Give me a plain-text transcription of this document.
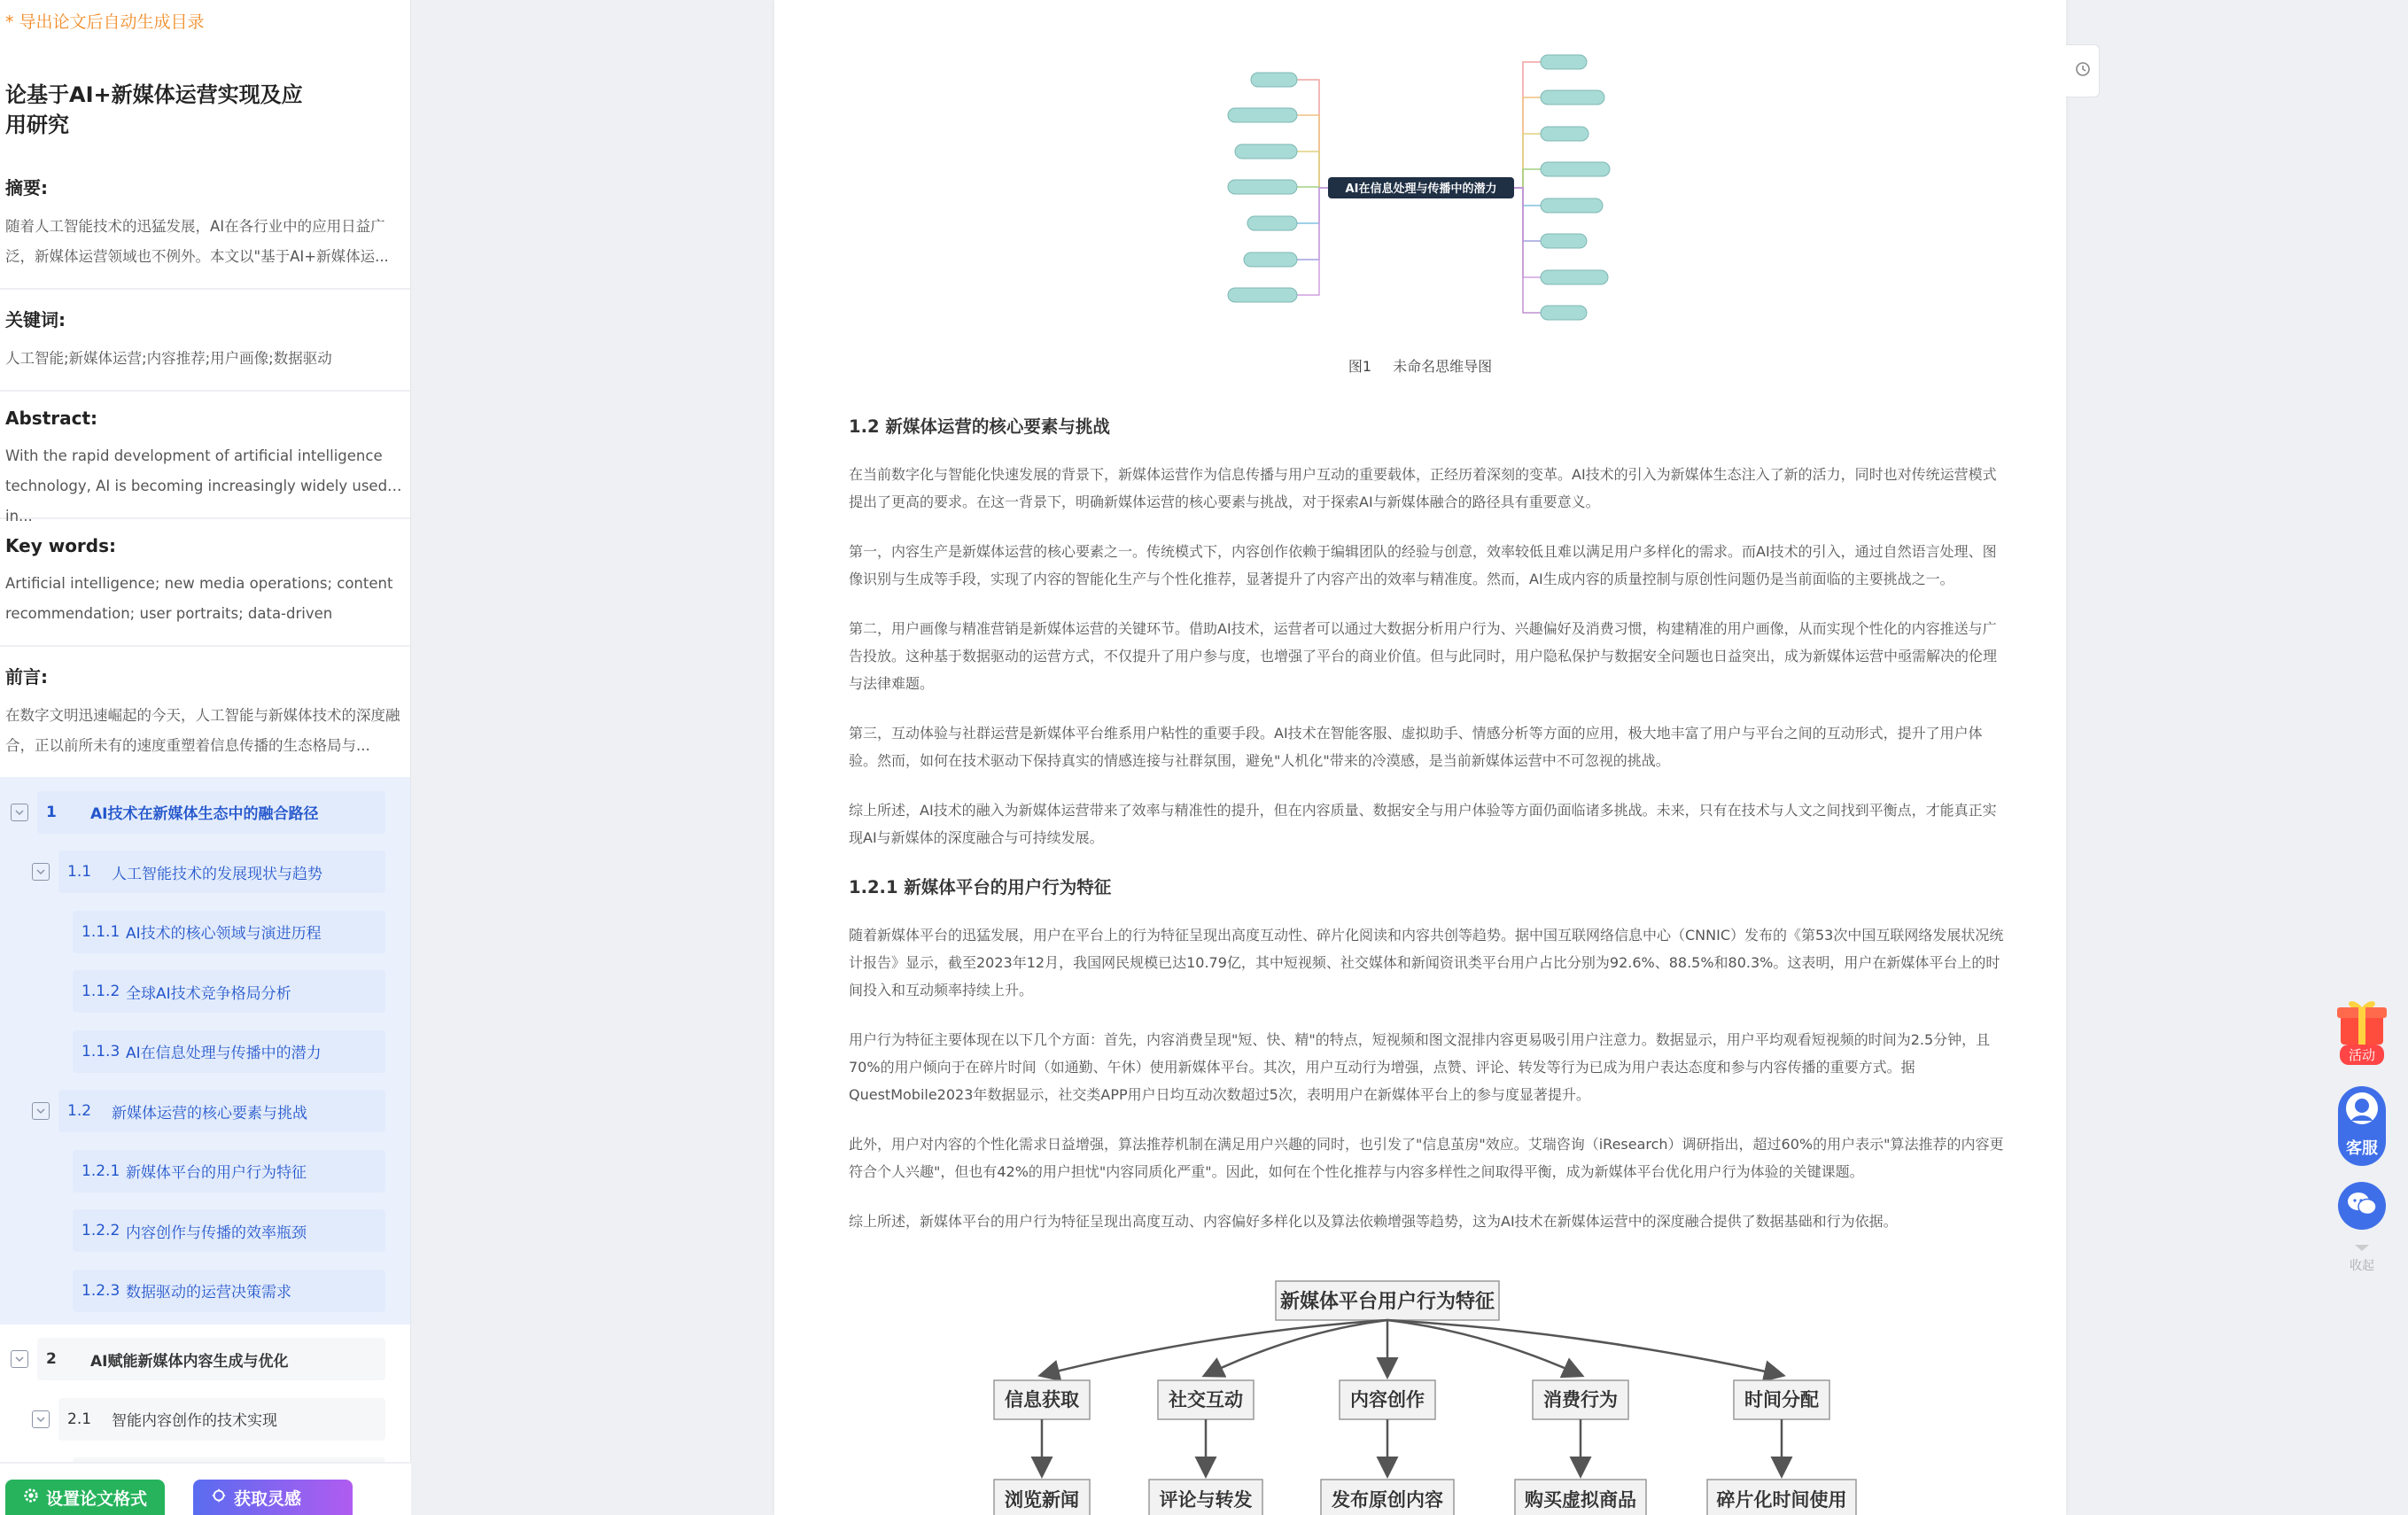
* 导出论文后自动生成目录
论基于AI+新媒体运营实现及应用研究
摘要:

随着人工智能技术的迅猛发展，AI在各行业中的应用日益广泛，新媒体运营领域也不例外。本文以"基于AI+新媒体运...

关键词:

人工智能;新媒体运营;内容推荐;用户画像;数据驱动

Abstract:

With the rapid development of artificial intelligence technology, AI is becoming increasingly widely used in...

Key words:

Artificial intelligence; new media operations; content recommendation; user portraits; data-driven

前言:

在数字文明迅速崛起的今天，人工智能与新媒体技术的深度融合，正以前所未有的速度重塑着信息传播的生态格局与...

1	AI技术在新媒体生态中的融合路径
1.1	人工智能技术的发展现状与趋势
1.1.1 AI技术的核心领域与演进历程
1.1.2 全球AI技术竞争格局分析
1.1.3 AI在信息处理与传播中的潜力
1.2	新媒体运营的核心要素与挑战
1.2.1 新媒体平台的用户行为特征
1.2.2 内容创作与传播的效率瓶颈
1.2.3 数据驱动的运营决策需求
2	AI赋能新媒体内容生成与优化
2.1	智能内容创作的技术实现
设置论文格式	获取灵感
AI在信息处理与传播中的潜力
图1 未命名思维导图
1.2 新媒体运营的核心要素与挑战

在当前数字化与智能化快速发展的背景下，新媒体运营作为信息传播与用户互动的重要载体，正经历着深刻的变革。AI技术的引入为新媒体生态注入了新的活力，同时也对传统运营模式提出了更高的要求。在这一背景下，明确新媒体运营的核心要素与挑战，对于探索AI与新媒体融合的路径具有重要意义。

第一，内容生产是新媒体运营的核心要素之一。传统模式下，内容创作依赖于编辑团队的经验与创意，效率较低且难以满足用户多样化的需求。而AI技术的引入，通过自然语言处理、图像识别与生成等手段，实现了内容的智能化生产与个性化推荐，显著提升了内容产出的效率与精准度。然而，AI生成内容的质量控制与原创性问题仍是当前面临的主要挑战之一。

第二，用户画像与精准营销是新媒体运营的关键环节。借助AI技术，运营者可以通过大数据分析用户行为、兴趣偏好及消费习惯，构建精准的用户画像，从而实现个性化的内容推送与广告投放。这种基于数据驱动的运营方式，不仅提升了用户参与度，也增强了平台的商业价值。但与此同时，用户隐私保护与数据安全问题也日益突出，成为新媒体运营中亟需解决的伦理与法律难题。

第三，互动体验与社群运营是新媒体平台维系用户粘性的重要手段。AI技术在智能客服、虚拟助手、情感分析等方面的应用，极大地丰富了用户与平台之间的互动形式，提升了用户体验。然而，如何在技术驱动下保持真实的情感连接与社群氛围，避免"人机化"带来的冷漠感，是当前新媒体运营中不可忽视的挑战。

综上所述，AI技术的融入为新媒体运营带来了效率与精准性的提升，但在内容质量、数据安全与用户体验等方面仍面临诸多挑战。未来，只有在技术与人文之间找到平衡点，才能真正实现AI与新媒体的深度融合与可持续发展。

1.2.1 新媒体平台的用户行为特征

随着新媒体平台的迅猛发展，用户在平台上的行为特征呈现出高度互动性、碎片化阅读和内容共创等趋势。据中国互联网络信息中心（CNNIC）发布的《第53次中国互联网络发展状况统计报告》显示，截至2023年12月，我国网民规模已达10.79亿，其中短视频、社交媒体和新闻资讯类平台用户占比分别为92.6%、88.5%和80.3%。这表明，用户在新媒体平台上的时间投入和互动频率持续上升。

用户行为特征主要体现在以下几个方面：首先，内容消费呈现"短、快、精"的特点，短视频和图文混排内容更易吸引用户注意力。数据显示，用户平均观看短视频的时间为2.5分钟，且70%的用户倾向于在碎片时间（如通勤、午休）使用新媒体平台。其次，用户互动行为增强，点赞、评论、转发等行为已成为用户表达态度和参与内容传播的重要方式。据QuestMobile2023年数据显示，社交类APP用户日均互动次数超过5次，表明用户在新媒体平台上的参与度显著提升。

此外，用户对内容的个性化需求日益增强，算法推荐机制在满足用户兴趣的同时，也引发了"信息茧房"效应。艾瑞咨询（iResearch）调研指出，超过60%的用户表示"算法推荐的内容更符合个人兴趣"，但也有42%的用户担忧"内容同质化严重"。因此，如何在个性化推荐与内容多样性之间取得平衡，成为新媒体平台优化用户行为体验的关键课题。

综上所述，新媒体平台的用户行为特征呈现出高度互动、内容偏好多样化以及算法依赖增强等趋势，这为AI技术在新媒体运营中的深度融合提供了数据基础和行为依据。

新媒体平台用户行为特征
信息获取
浏览新闻
社交互动
评论与转发
内容创作
发布原创内容
消费行为
购买虚拟商品
时间分配
碎片化时间使用
活动
客服
收起
